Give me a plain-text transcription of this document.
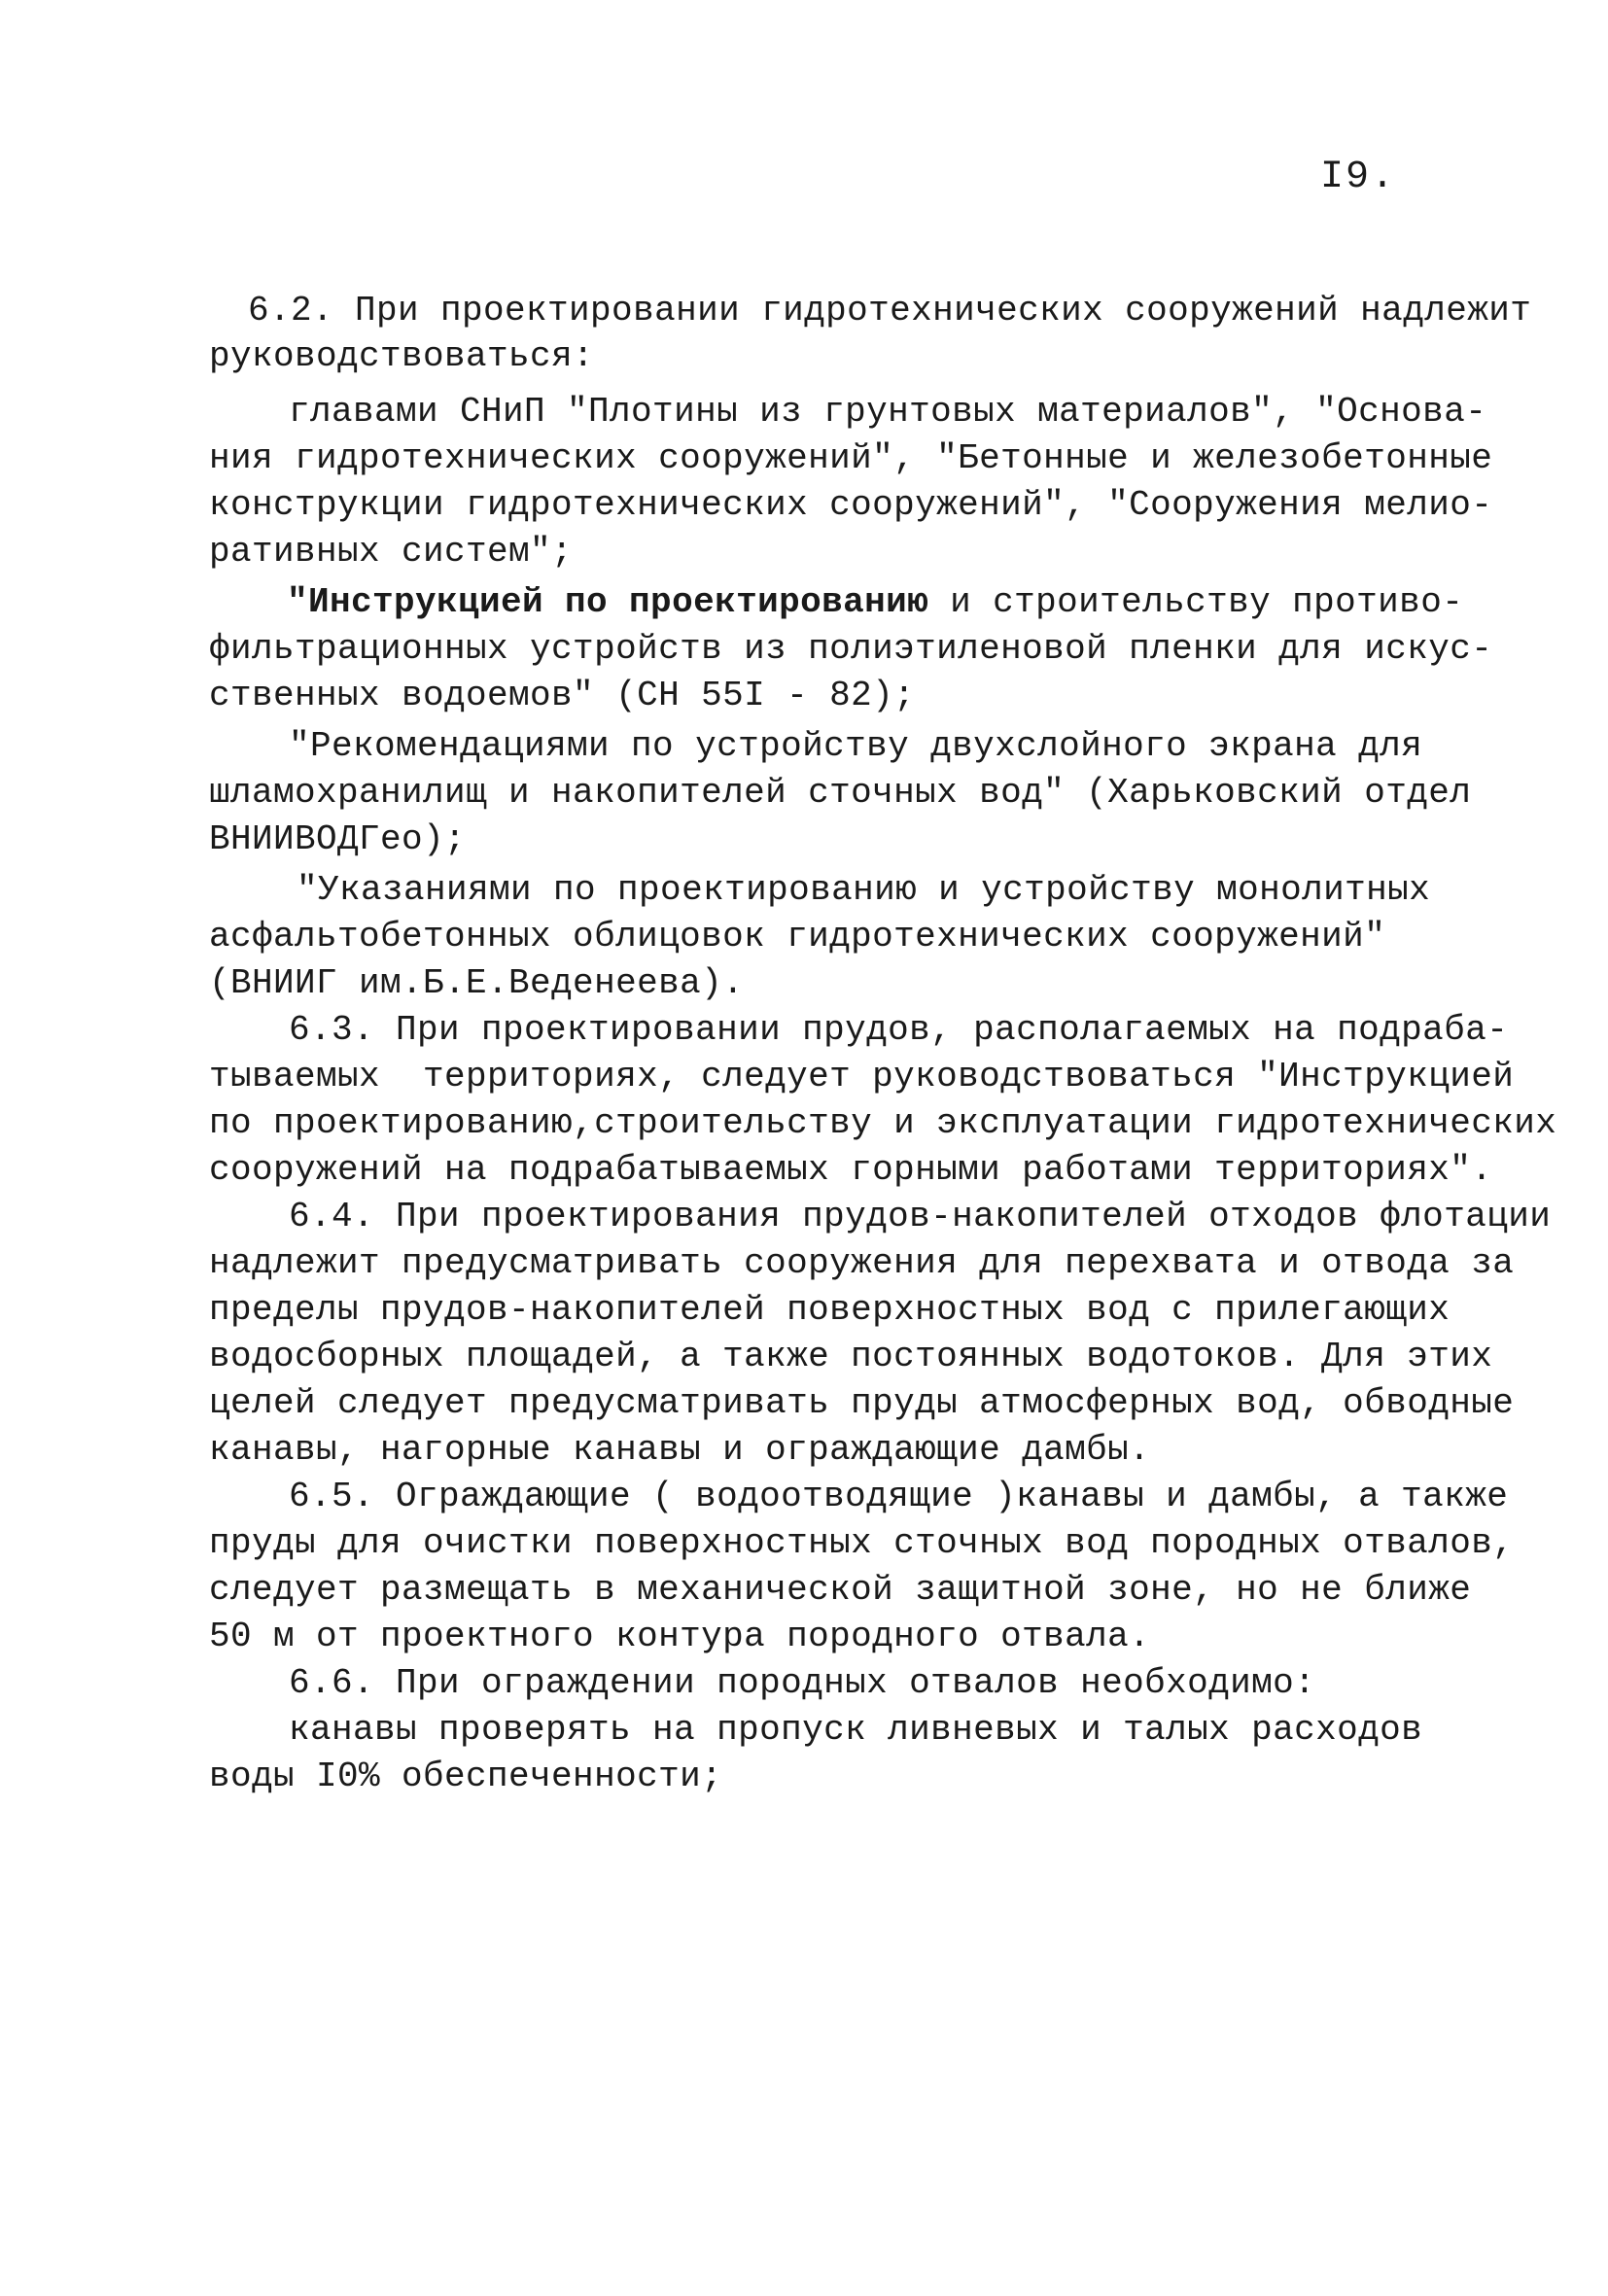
I9.
6.2. При проектировании гидротехнических сооружений надлежит
руководствоваться:
главами СНиП "Плотины из грунтовых материалов", "Основа-
ния гидротехнических сооружений", "Бетонные и железобетонные
конструкции гидротехнических сооружений", "Сооружения мелио-
ративных систем";
"Инструкцией по проектированию и строительству противо-
фильтрационных устройств из полиэтиленовой пленки для искус-
ственных водоемов" (СН 55I - 82);
"Рекомендациями по устройству двухслойного экрана для
шламохранилищ и накопителей сточных вод" (Харьковский отдел
ВНИИВОДГео);
"Указаниями по проектированию и устройству монолитных
асфальтобетонных облицовок гидротехнических сооружений"
(ВНИИГ им.Б.Е.Веденеева).
6.3. При проектировании прудов, располагаемых на подраба-
тываемых  территориях, следует руководствоваться "Инструкцией
по проектированию,строительству и эксплуатации гидротехнических
сооружений на подрабатываемых горными работами территориях".
6.4. При проектирования прудов-накопителей отходов флотации
надлежит предусматривать сооружения для перехвата и отвода за
пределы прудов-накопителей поверхностных вод с прилегающих
водосборных площадей, а также постоянных водотоков. Для этих
целей следует предусматривать пруды атмосферных вод, обводные
канавы, нагорные канавы и ограждающие дамбы.
6.5. Ограждающие ( водоотводящие )канавы и дамбы, а также
пруды для очистки поверхностных сточных вод породных отвалов,
следует размещать в механической защитной зоне, но не ближе
50 м от проектного контура породного отвала.
6.6. При ограждении породных отвалов необходимо:
канавы проверять на пропуск ливневых и талых расходов
воды I0% обеспеченности;
